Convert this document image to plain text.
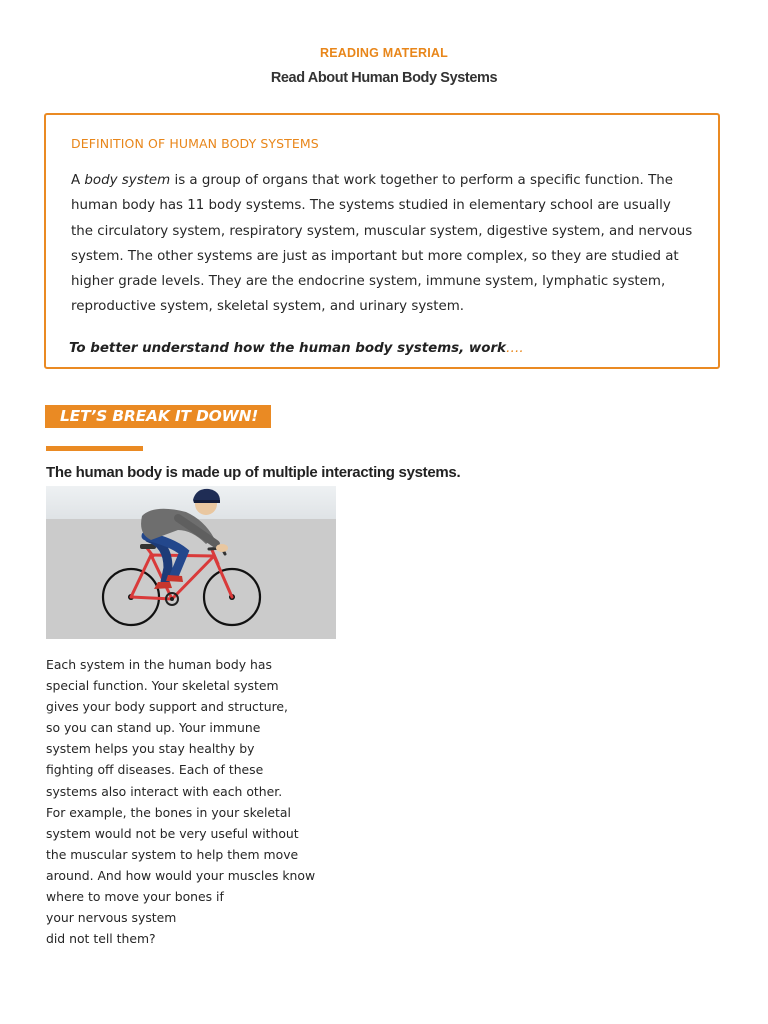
READING MATERIAL
Read About Human Body Systems
DEFINITION OF HUMAN BODY SYSTEMS
A body system is a group of organs that work together to perform a specific function. The human body has 11 body systems. The systems studied in elementary school are usually the circulatory system, respiratory system, muscular system, digestive system, and nervous system. The other systems are just as important but more complex, so they are studied at higher grade levels. They are the endocrine system, immune system, lymphatic system, reproductive system, skeletal system, and urinary system.
To better understand how the human body systems, work….
LET’S BREAK IT DOWN!
The human body is made up of multiple interacting systems.
Each system in the human body has
special function. Your skeletal system
gives your body support and structure,
so you can stand up. Your immune
system helps you stay healthy by
fighting off diseases. Each of these
systems also interact with each other.
For example, the bones in your skeletal
system would not be very useful without
the muscular system to help them move
around. And how would your muscles know
where to move your bones if
your nervous system
did not tell them?
